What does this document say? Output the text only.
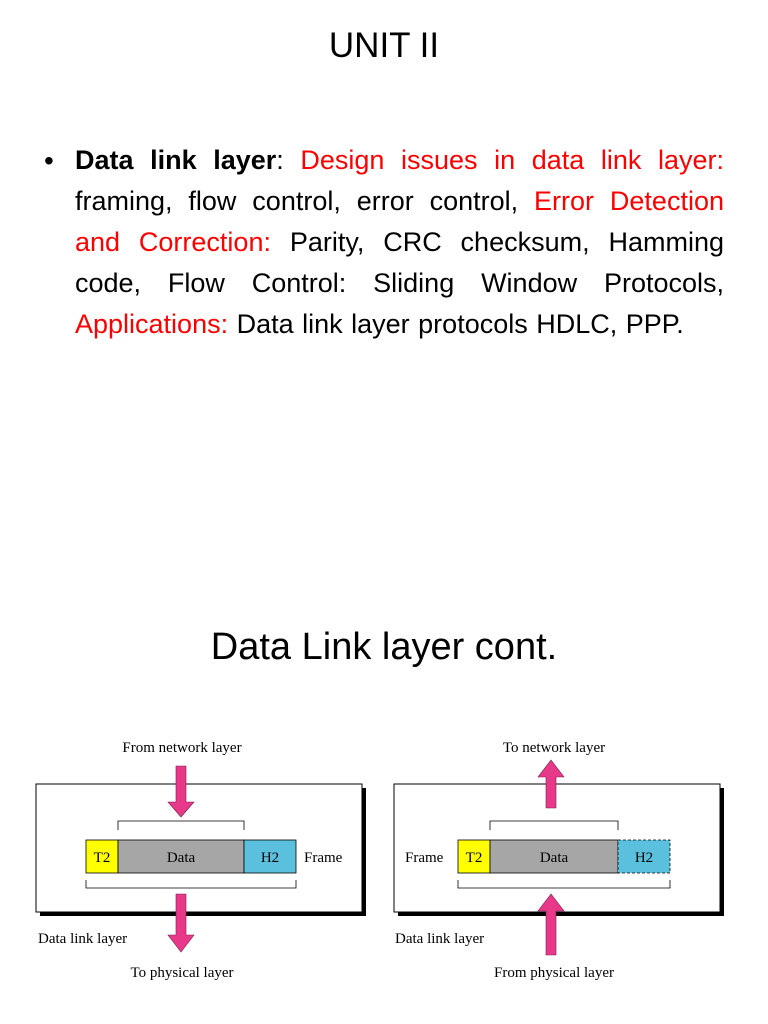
UNIT II
• Data link layer: Design issues in data link layer: framing, flow control, error control, Error Detection and Correction: Parity, CRC checksum, Hamming code, Flow Control: Sliding Window Protocols, Applications: Data link layer protocols HDLC, PPP.
Data Link layer cont.
From network layer
T2	Data	H2 Frame
Data link layer
To physical layer
To network layer
T2	Data	H2
Frame
Data link layer
From physical layer
